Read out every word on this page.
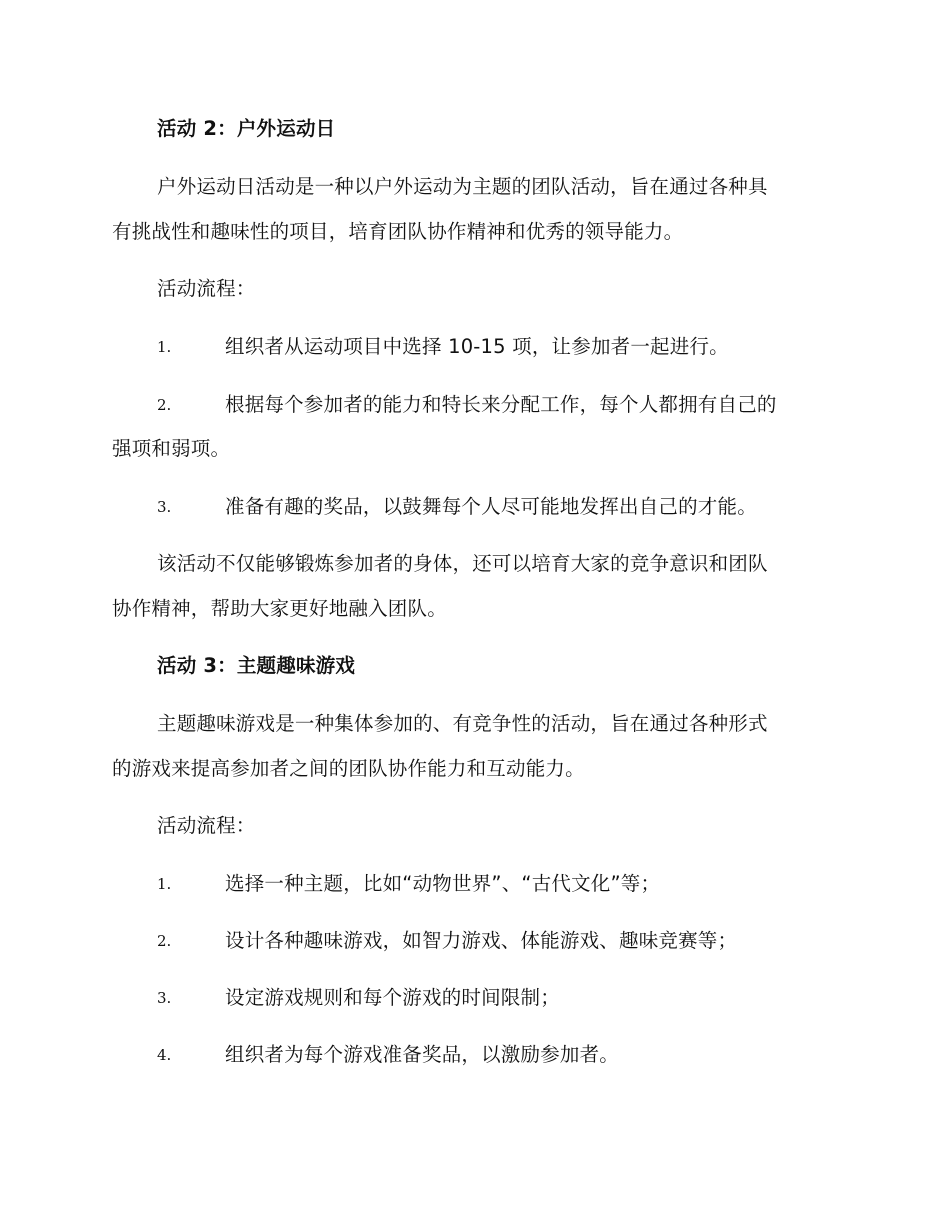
活动 2：户外运动日
户外运动日活动是一种以户外运动为主题的团队活动，旨在通过各种具
有挑战性和趣味性的项目，培育团队协作精神和优秀的领导能力。
活动流程：
1.	组织者从运动项目中选择 10-15 项，让参加者一起进行。
2.	根据每个参加者的能力和特长来分配工作，每个人都拥有自己的
强项和弱项。
3.	准备有趣的奖品，以鼓舞每个人尽可能地发挥出自己的才能。
该活动不仅能够锻炼参加者的身体，还可以培育大家的竞争意识和团队
协作精神，帮助大家更好地融入团队。
活动 3：主题趣味游戏
主题趣味游戏是一种集体参加的、有竞争性的活动，旨在通过各种形式
的游戏来提高参加者之间的团队协作能力和互动能力。
活动流程：
1.	选择一种主题，比如“动物世界”、“古代文化”等；
2.	设计各种趣味游戏，如智力游戏、体能游戏、趣味竞赛等；
3.	设定游戏规则和每个游戏的时间限制；
4.	组织者为每个游戏准备奖品，以激励参加者。
